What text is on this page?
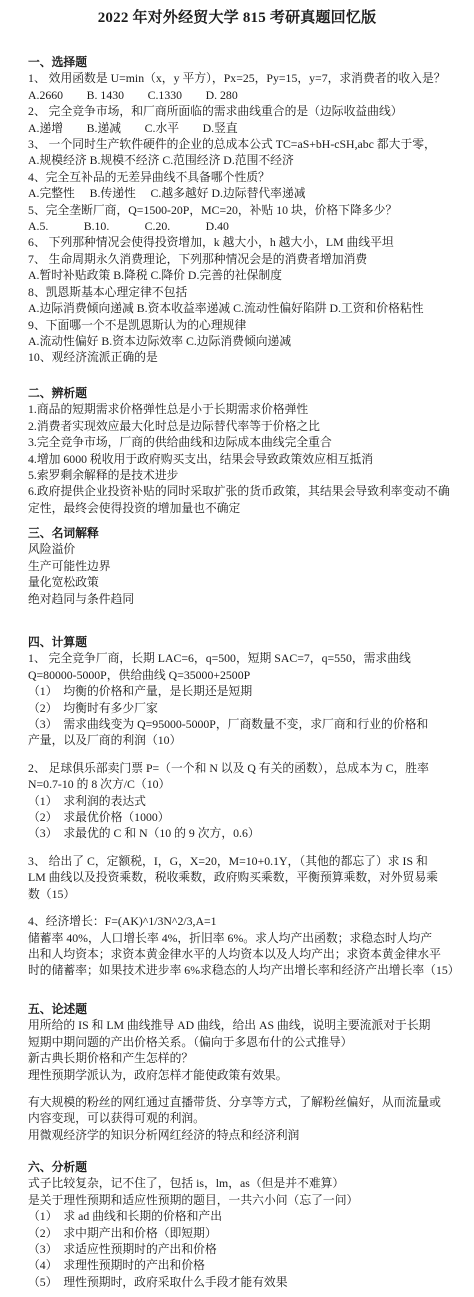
2022 年对外经贸大学 815 考研真题回忆版
一、选择题
1、 效用函数是 U=min（x，y 平方），Px=25，Py=15，y=7，求消费者的收入是？
A.2660　　B. 1430　　C.1330　　D. 280
2、 完全竞争市场，和厂商所面临的需求曲线重合的是（边际收益曲线）
A.递增　　B.递减　　C.水平　　D.竖直
3、 一个同时生产软件硬件的企业的总成本公式 TC=aS+bH-cSH,abc 都大于零，
A.规模经济 B.规模不经济 C.范围经济 D.范围不经济
4、完全互补品的无差异曲线不具备哪个性质？
A.完整性　 B.传递性　 C.越多越好 D.边际替代率递减
5、完全垄断厂商，Q=1500-20P，MC=20，补贴 10 块，价格下降多少？
A.5.　　　B.10.　　　C.20.　　　D.40
6、 下列那种情况会使得投资增加，k 越大小，h 越大小，LM 曲线平坦
7、 生命周期永久消费理论，下列那种情况会是的消费者增加消费
A.暂时补贴政策 B.降税 C.降价 D.完善的社保制度
8、凯恩斯基本心理定律不包括
A.边际消费倾向递减 B.资本收益率递减 C.流动性偏好陷阱 D.工资和价格粘性
9、下面哪一个不是凯恩斯认为的心理规律
A.流动性偏好 B.资本边际效率 C.边际消费倾向递减
10、观经济流派正确的是
二、辨析题
1.商品的短期需求价格弹性总是小于长期需求价格弹性
2.消费者实现效应最大化时总是边际替代率等于价格之比
3.完全竞争市场，厂商的供给曲线和边际成本曲线完全重合
4.增加 6000 税收用于政府购买支出，结果会导致政策效应相互抵消
5.索罗剩余解释的是技术进步
6.政府提供企业投资补贴的同时采取扩张的货币政策，其结果会导致利率变动不确
定性，最终会使得投资的增加量也不确定
三、名词解释
风险溢价
生产可能性边界
量化宽松政策
绝对趋同与条件趋同
四、计算题
1、 完全竞争厂商，长期 LAC=6，q=500，短期 SAC=7，q=550，需求曲线
Q=80000-5000P，供给曲线 Q=35000+2500P
（1）　均衡的价格和产量，是长期还是短期
（2）　均衡时有多少厂家
（3）　需求曲线变为 Q=95000-5000P，厂商数量不变，求厂商和行业的价格和
产量，以及厂商的利润（10）
2、 足球俱乐部卖门票 P=（一个和 N 以及 Q 有关的函数），总成本为 C，胜率
N=0.7-10 的 8 次方/C（10）
（1）　求利润的表达式
（2）　求最优价格（1000）
（3）　求最优的 C 和 N（10 的 9 次方，0.6）
3、 给出了 C，定额税，I，G，X=20，M=10+0.1Y，（其他的都忘了）求 IS 和
LM 曲线以及投资乘数，税收乘数，政府购买乘数，平衡预算乘数，对外贸易乘
数（15）
4、经济增长：F=(AK)^1/3N^2/3,A=1
储蓄率 40%，人口增长率 4%，折旧率 6%。求人均产出函数；求稳态时人均产
出和人均资本；求资本黄金律水平的人均资本以及人均产出；求资本黄金律水平
时的储蓄率；如果技术进步率 6%求稳态的人均产出增长率和经济产出增长率（15）
五、论述题
用所给的 IS 和 LM 曲线推导 AD 曲线，给出 AS 曲线，说明主要流派对于长期
短期中期问题的产出价格关系。（偏向于多恩布什的公式推导）
新古典长期价格和产生怎样的？
理性预期学派认为，政府怎样才能使政策有效果。
有大规模的粉丝的网红通过直播带货、分享等方式，了解粉丝偏好，从而流量或
内容变现，可以获得可观的利润。
用微观经济学的知识分析网红经济的特点和经济利润
六、分析题
式子比较复杂，记不住了，包括 is，lm，as（但是并不难算）
是关于理性预期和适应性预期的题目，一共六小问（忘了一问）
（1）　求 ad 曲线和长期的价格和产出
（2）　求中期产出和价格（即短期）
（3）　求适应性预期时的产出和价格
（4）　求理性预期时的产出和价格
（5）　理性预期时，政府采取什么手段才能有效果
